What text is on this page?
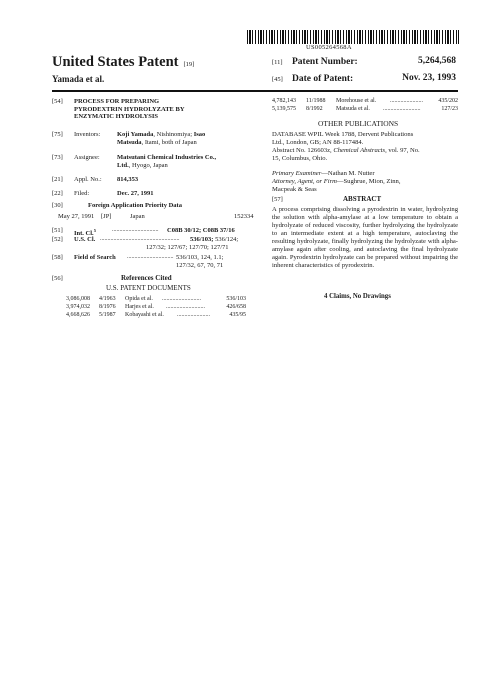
US005264568A
United States Patent [19]
Yamada et al.
[11] Patent Number:	5,264,568
[45] Date of Patent:	Nov. 23, 1993
[54] PROCESS FOR PREPARING
PYRODEXTRIN HYDROLYZATE BY
ENZYMATIC HYDROLYSIS
[75] Inventors:	Koji Yamada, Nishinomiya; Isao
Matsuda, Itami, both of Japan
[73] Assignee:	Matsutani Chemical Industries Co.,
Ltd., Hyogo, Japan
[21] Appl. No.: 814,353
[22] Filed:	Dec. 27, 1991
[30]	Foreign Application Priority Data
May 27, 1991 [JP]	Japan	152334
[51] Int. Cl.$^5$	...............................	C08B 30/12; C08B 37/16
[52] U.S. Cl. .....................................................	536/103; 536/124;
127/32; 127/67; 127/70; 127/71
[58] Field of Search ............................... 536/103, 124, 1.1;
127/32, 67, 70, 71
[56]	References Cited
U.S. PATENT DOCUMENTS
3,086,008 4/1963 Opida et al. ..........................	536/103
3,974,032 8/1976 Harjes et al. ..........................	426/658
4,668,626 5/1987 Kobayashi et al. ......................	435/95
4,782,143 11/1988 Morehouse et al. ......................	435/202
5,139,575 8/1992 Matsuda et al. .........................	127/23
OTHER PUBLICATIONS
DATABASE WPIL Week 1788, Dervent Publications
Ltd., London, GB; AN 88-117484.
Abstract No. 126603z, Chemical Abstracts, vol. 97, No.
15, Columbus, Ohio.
Primary Examiner—Nathan M. Nutter
Attorney, Agent, or Firm—Sughrue, Mion, Zinn,
Macpeak & Seas
[57]	ABSTRACT
A process comprising dissolving a pyrodextrin in water, hydrolyzing the solution with alpha-amylase at a low temperature to obtain a hydrolyzate of reduced viscosity, further hydrolyzing the hydrolyzate to an intermediate extent at a high temperature, autoclaving the resulting hydrolyzate, finally hydrolyzing the hydrolyzate with alpha-amylase again after cooling, and autoclaving the final hydrolyzate again. Pyrodextrin hydrolyzate can be prepared without impairing the inherent characteristics of pyrodextrin.
4 Claims, No Drawings
